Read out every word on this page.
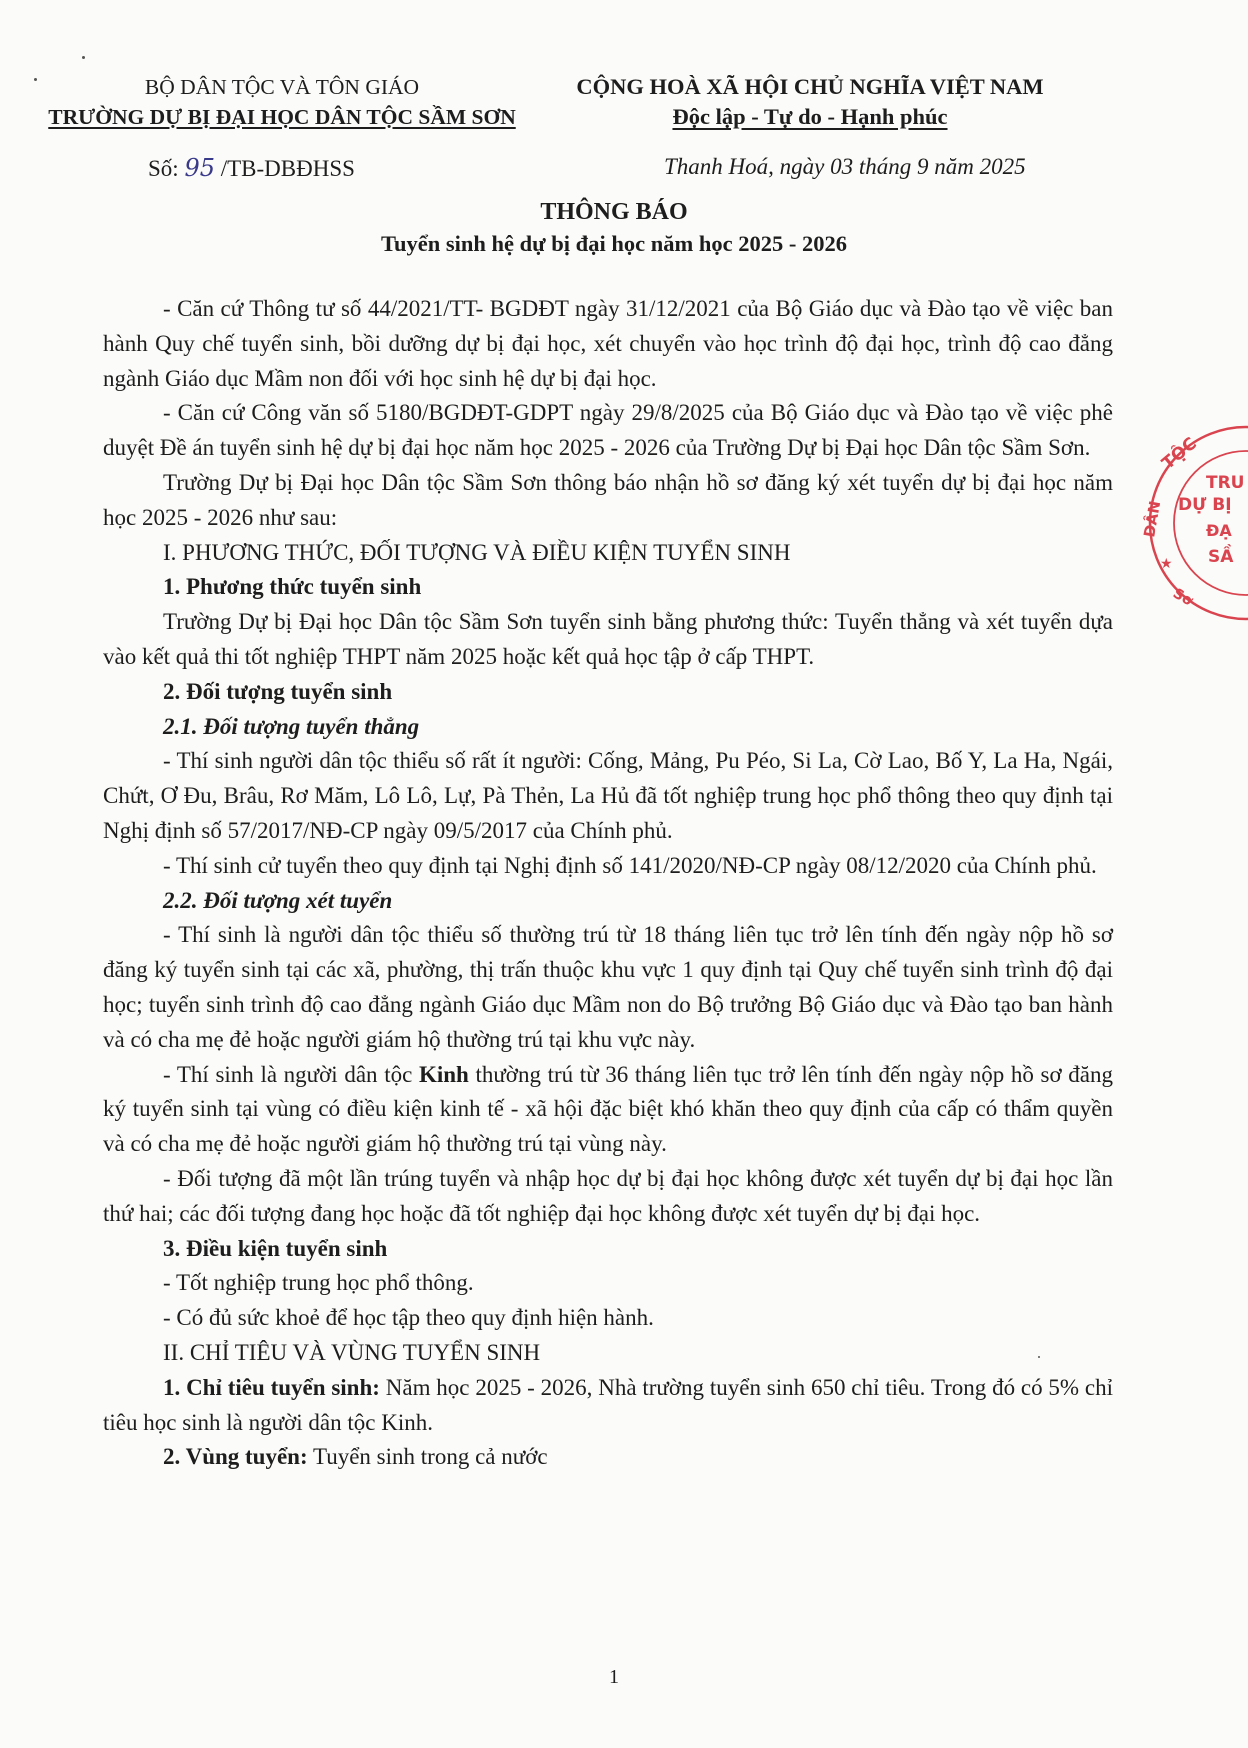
BỘ DÂN TỘC VÀ TÔN GIÁO
TRƯỜNG DỰ BỊ ĐẠI HỌC DÂN TỘC SẦM SƠN
CỘNG HOÀ XÃ HỘI CHỦ NGHĨA VIỆT NAM
Độc lập - Tự do - Hạnh phúc
Số: 95 /TB-DBĐHSS	Thanh Hoá, ngày 03 tháng 9 năm 2025
THÔNG BÁO
Tuyển sinh hệ dự bị đại học năm học 2025 - 2026

- Căn cứ Thông tư số 44/2021/TT- BGDĐT ngày 31/12/2021 của Bộ Giáo dục và Đào tạo về việc ban hành Quy chế tuyển sinh, bồi dưỡng dự bị đại học, xét chuyển vào học trình độ đại học, trình độ cao đẳng ngành Giáo dục Mầm non đối với học sinh hệ dự bị đại học.

- Căn cứ Công văn số 5180/BGDĐT-GDPT ngày 29/8/2025 của Bộ Giáo dục và Đào tạo về việc phê duyệt Đề án tuyển sinh hệ dự bị đại học năm học 2025 - 2026 của Trường Dự bị Đại học Dân tộc Sầm Sơn.

Trường Dự bị Đại học Dân tộc Sầm Sơn thông báo nhận hồ sơ đăng ký xét tuyển dự bị đại học năm học 2025 - 2026 như sau:

I. PHƯƠNG THỨC, ĐỐI TƯỢNG VÀ ĐIỀU KIỆN TUYỂN SINH

1. Phương thức tuyển sinh

Trường Dự bị Đại học Dân tộc Sầm Sơn tuyển sinh bằng phương thức: Tuyển thẳng và xét tuyển dựa vào kết quả thi tốt nghiệp THPT năm 2025 hoặc kết quả học tập ở cấp THPT.

2. Đối tượng tuyển sinh

2.1. Đối tượng tuyển thẳng

- Thí sinh người dân tộc thiểu số rất ít người: Cống, Mảng, Pu Péo, Si La, Cờ Lao, Bố Y, La Ha, Ngái, Chứt, Ơ Đu, Brâu, Rơ Măm, Lô Lô, Lự, Pà Thẻn, La Hủ đã tốt nghiệp trung học phổ thông theo quy định tại Nghị định số 57/2017/NĐ-CP ngày 09/5/2017 của Chính phủ.

- Thí sinh cử tuyển theo quy định tại Nghị định số 141/2020/NĐ-CP ngày 08/12/2020 của Chính phủ.

2.2. Đối tượng xét tuyển

- Thí sinh là người dân tộc thiểu số thường trú từ 18 tháng liên tục trở lên tính đến ngày nộp hồ sơ đăng ký tuyển sinh tại các xã, phường, thị trấn thuộc khu vực 1 quy định tại Quy chế tuyển sinh trình độ đại học; tuyển sinh trình độ cao đẳng ngành Giáo dục Mầm non do Bộ trưởng Bộ Giáo dục và Đào tạo ban hành và có cha mẹ đẻ hoặc người giám hộ thường trú tại khu vực này.

- Thí sinh là người dân tộc Kinh thường trú từ 36 tháng liên tục trở lên tính đến ngày nộp hồ sơ đăng ký tuyển sinh tại vùng có điều kiện kinh tế - xã hội đặc biệt khó khăn theo quy định của cấp có thẩm quyền và có cha mẹ đẻ hoặc người giám hộ thường trú tại vùng này.

- Đối tượng đã một lần trúng tuyển và nhập học dự bị đại học không được xét tuyển dự bị đại học lần thứ hai; các đối tượng đang học hoặc đã tốt nghiệp đại học không được xét tuyển dự bị đại học.

3. Điều kiện tuyển sinh

- Tốt nghiệp trung học phổ thông.

- Có đủ sức khoẻ để học tập theo quy định hiện hành.

II. CHỈ TIÊU VÀ VÙNG TUYỂN SINH

1. Chỉ tiêu tuyển sinh: Năm học 2025 - 2026, Nhà trường tuyển sinh 650 chỉ tiêu. Trong đó có 5% chỉ tiêu học sinh là người dân tộc Kinh.

2. Vùng tuyển: Tuyển sinh trong cả nước

TỘC
TRU
DÂN DỰ BỊ
ĐẠ
SẦ
Sơ
★
1
